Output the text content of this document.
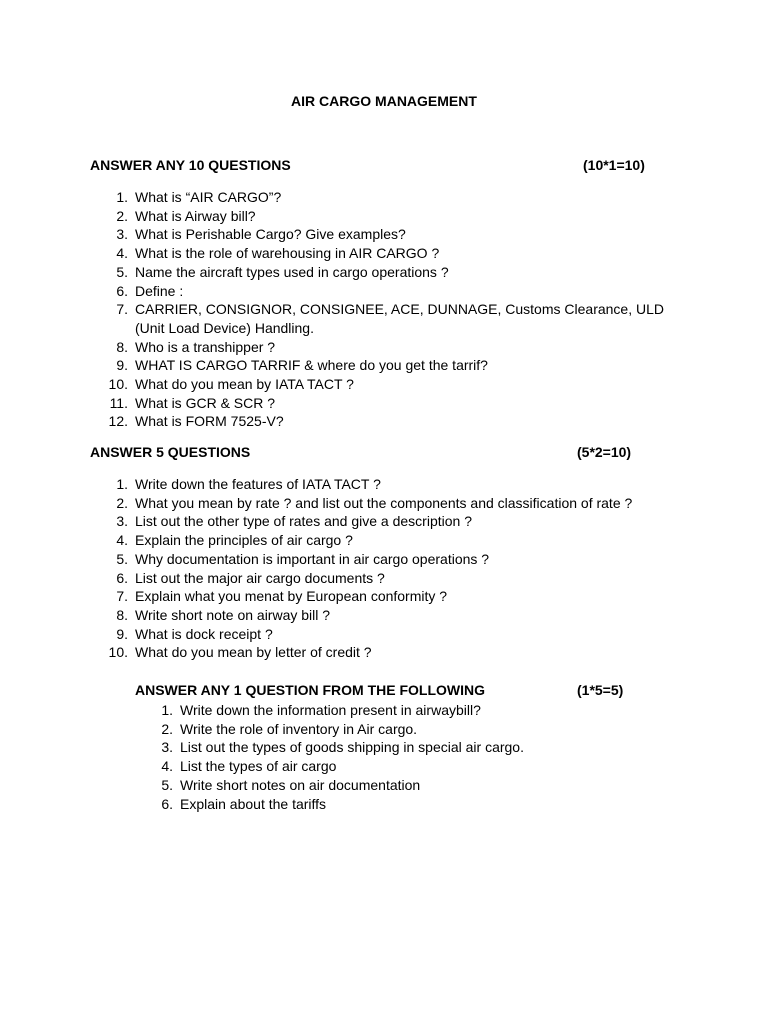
AIR CARGO MANAGEMENT
ANSWER ANY 10 QUESTIONS	(10*1=10)
1. What is “AIR CARGO”?
2. What is Airway bill?
3. What is Perishable Cargo? Give examples?
4. What is the role of warehousing in AIR CARGO ?
5. Name the aircraft types used in cargo operations ?
6. Define :
7. CARRIER, CONSIGNOR, CONSIGNEE, ACE, DUNNAGE, Customs Clearance, ULD (Unit Load Device) Handling.
8. Who is a transhipper ?
9. WHAT IS CARGO TARRIF & where do you get the tarrif?
10. What do you mean by IATA TACT ?
11. What is GCR & SCR ?
12. What is FORM 7525-V?
ANSWER 5 QUESTIONS	(5*2=10)
1. Write down the features of IATA TACT ?
2. What you mean by rate ? and list out the components and classification of rate ?
3. List out the other type of rates and give a description ?
4. Explain the principles of air cargo ?
5. Why documentation is important in air cargo operations ?
6. List out the major air cargo documents ?
7. Explain what you menat by European conformity ?
8. Write short note on airway bill ?
9. What is dock receipt ?
10. What do you mean by letter of credit ?
ANSWER ANY 1 QUESTION FROM THE FOLLOWING	(1*5=5)
1. Write down the information present in airwaybill?
2. Write the role of inventory in Air cargo.
3. List out the types of goods shipping in special air cargo.
4. List the types of air cargo
5. Write short notes on air documentation
6. Explain about the tariffs
